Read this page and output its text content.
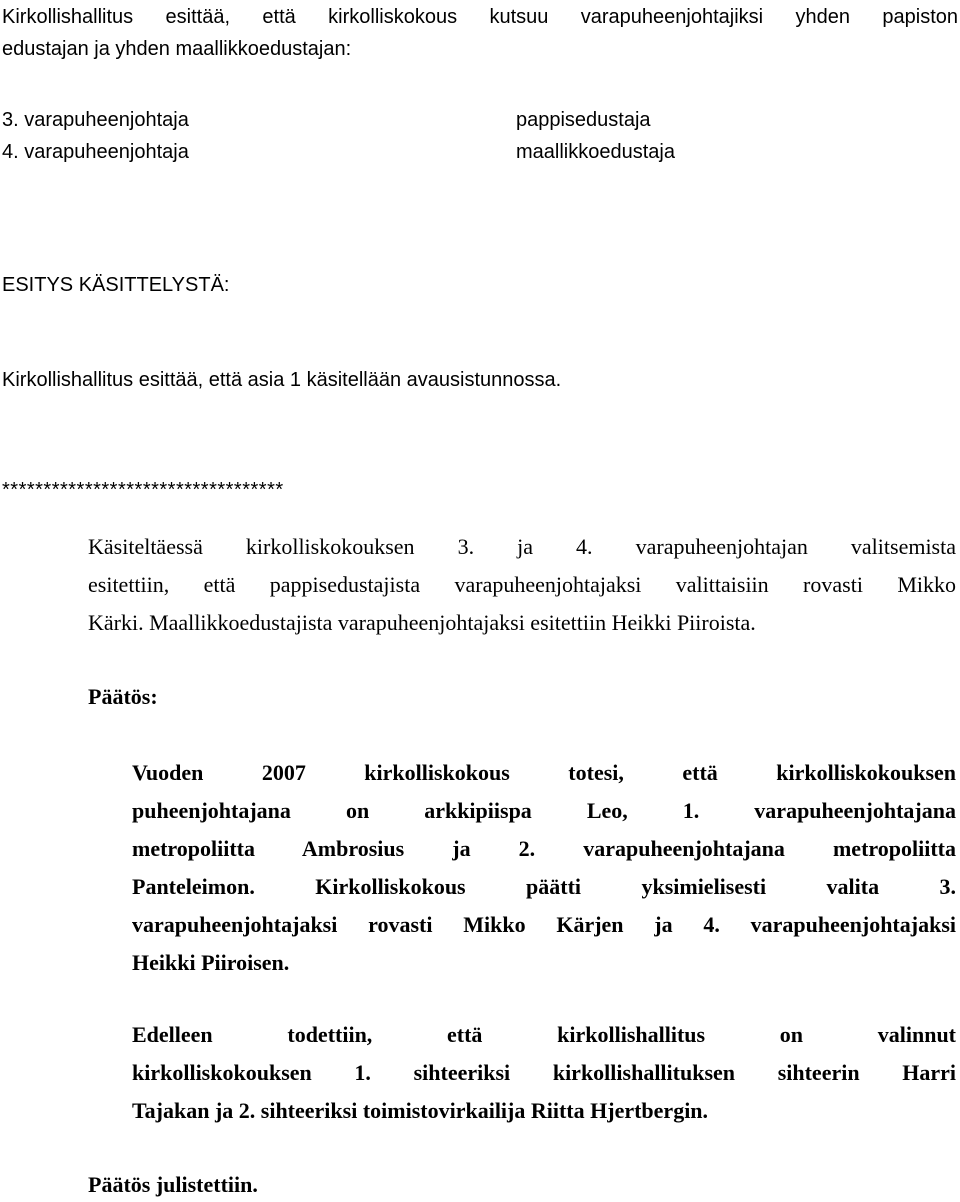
Kirkollishallitus esittää, että kirkolliskokous kutsuu varapuheenjohtajiksi yhden papiston
edustajan ja yhden maallikkoedustajan:
3. varapuheenjohtaja	pappisedustaja
4. varapuheenjohtaja	maallikkoedustaja
ESITYS KÄSITTELYSTÄ:
Kirkollishallitus esittää, että asia 1 käsitellään avausistunnossa.
**********************************
Käsiteltäessä kirkolliskokouksen 3. ja 4. varapuheenjohtajan valitsemista
esitettiin, että pappisedustajista varapuheenjohtajaksi valittaisiin rovasti Mikko
Kärki. Maallikkoedustajista varapuheenjohtajaksi esitettiin Heikki Piiroista.
Päätös:
Vuoden 2007 kirkolliskokous totesi, että kirkolliskokouksen
puheenjohtajana on arkkipiispa Leo, 1. varapuheenjohtajana
metropoliitta Ambrosius ja 2. varapuheenjohtajana metropoliitta
Panteleimon. Kirkolliskokous päätti yksimielisesti valita 3.
varapuheenjohtajaksi rovasti Mikko Kärjen ja 4. varapuheenjohtajaksi
Heikki Piiroisen.
Edelleen todettiin, että kirkollishallitus on valinnut
kirkolliskokouksen 1. sihteeriksi kirkollishallituksen sihteerin Harri
Tajakan ja 2. sihteeriksi toimistovirkailija Riitta Hjertbergin.
Päätös julistettiin.
